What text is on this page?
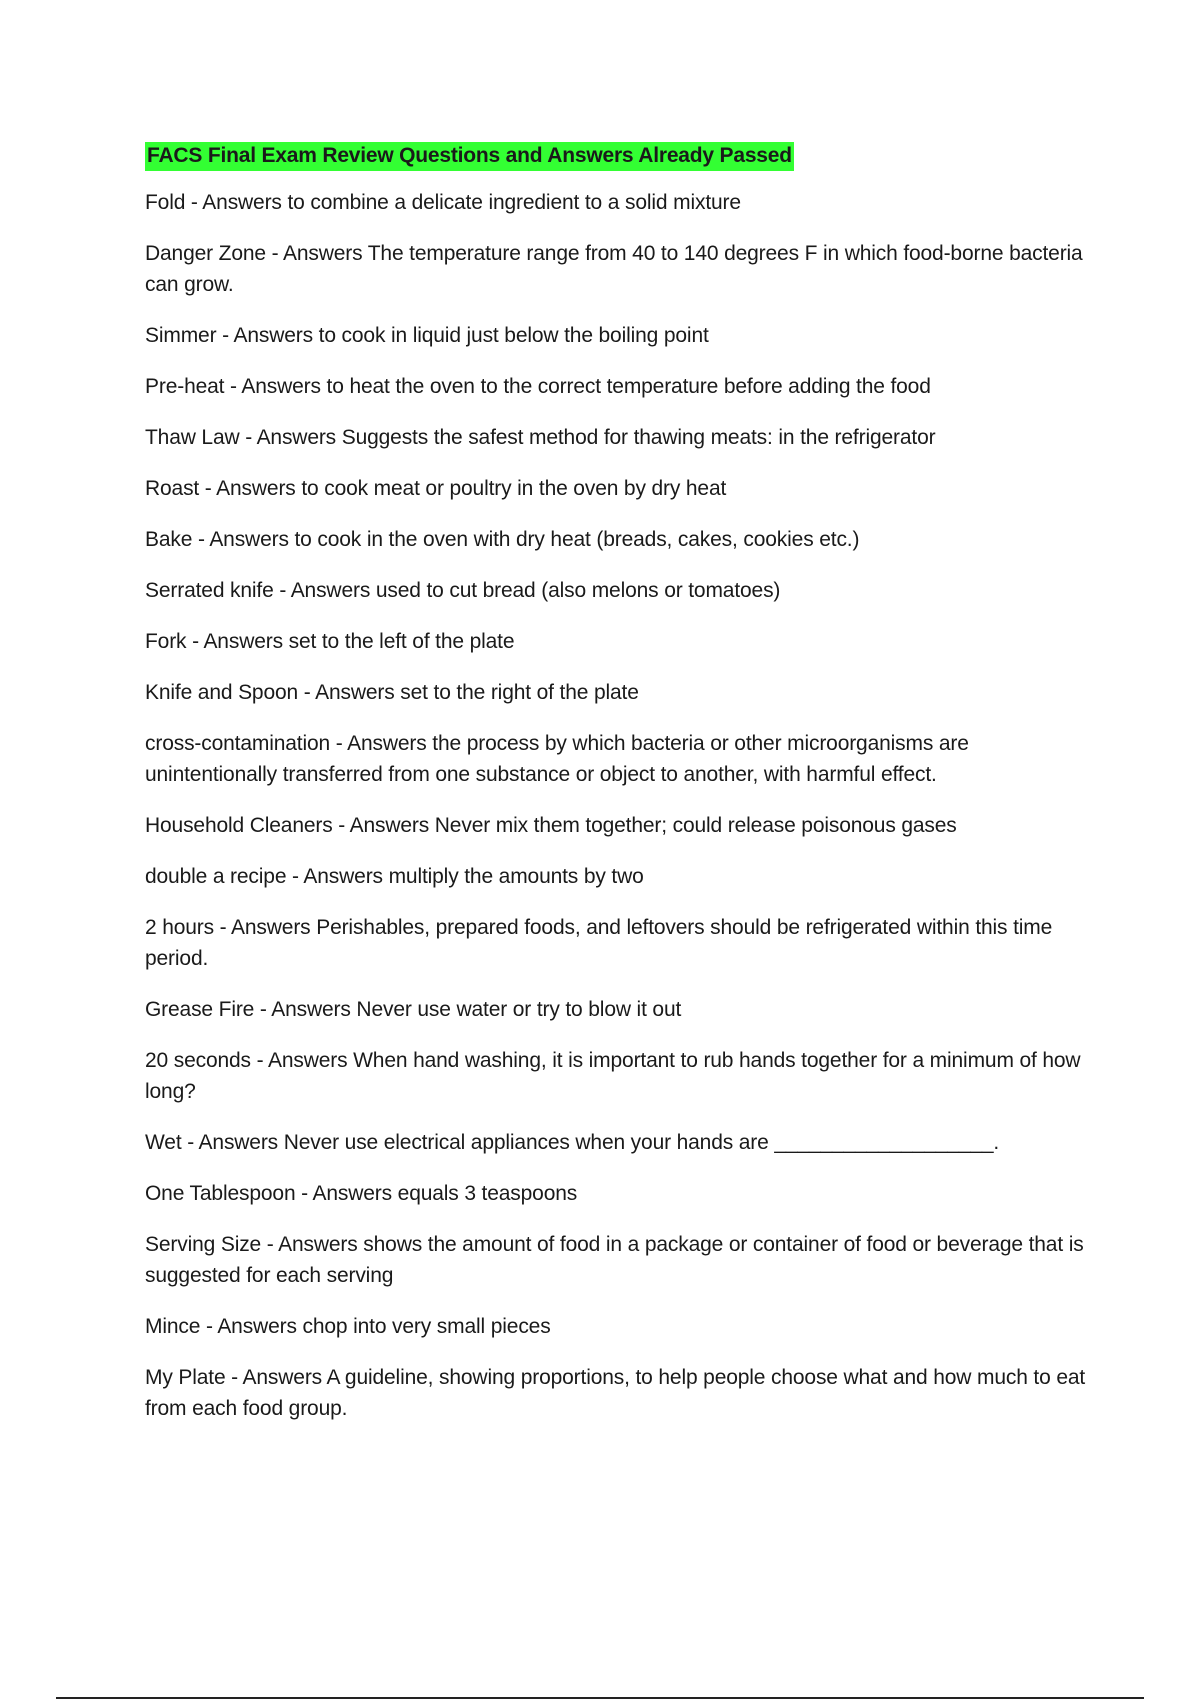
FACS Final Exam Review Questions and Answers Already Passed
Fold - Answers to combine a delicate ingredient to a solid mixture
Danger Zone - Answers The temperature range from 40 to 140 degrees F in which food-borne bacteria can grow.
Simmer - Answers to cook in liquid just below the boiling point
Pre-heat - Answers to heat the oven to the correct temperature before adding the food
Thaw Law - Answers Suggests the safest method for thawing meats: in the refrigerator
Roast - Answers to cook meat or poultry in the oven by dry heat
Bake - Answers to cook in the oven with dry heat (breads, cakes, cookies etc.)
Serrated knife - Answers used to cut bread (also melons or tomatoes)
Fork - Answers set to the left of the plate
Knife and Spoon - Answers set to the right of the plate
cross-contamination - Answers the process by which bacteria or other microorganisms are unintentionally transferred from one substance or object to another, with harmful effect.
Household Cleaners - Answers Never mix them together; could release poisonous gases
double a recipe - Answers multiply the amounts by two
2 hours - Answers Perishables, prepared foods, and leftovers should be refrigerated within this time period.
Grease Fire - Answers Never use water or try to blow it out
20 seconds - Answers When hand washing, it is important to rub hands together for a minimum of how long?
Wet - Answers Never use electrical appliances when your hands are ___________________.
One Tablespoon - Answers equals 3 teaspoons
Serving Size - Answers shows the amount of food in a package or container of food or beverage that is suggested for each serving
Mince - Answers chop into very small pieces
My Plate - Answers A guideline, showing proportions, to help people choose what and how much to eat from each food group.
